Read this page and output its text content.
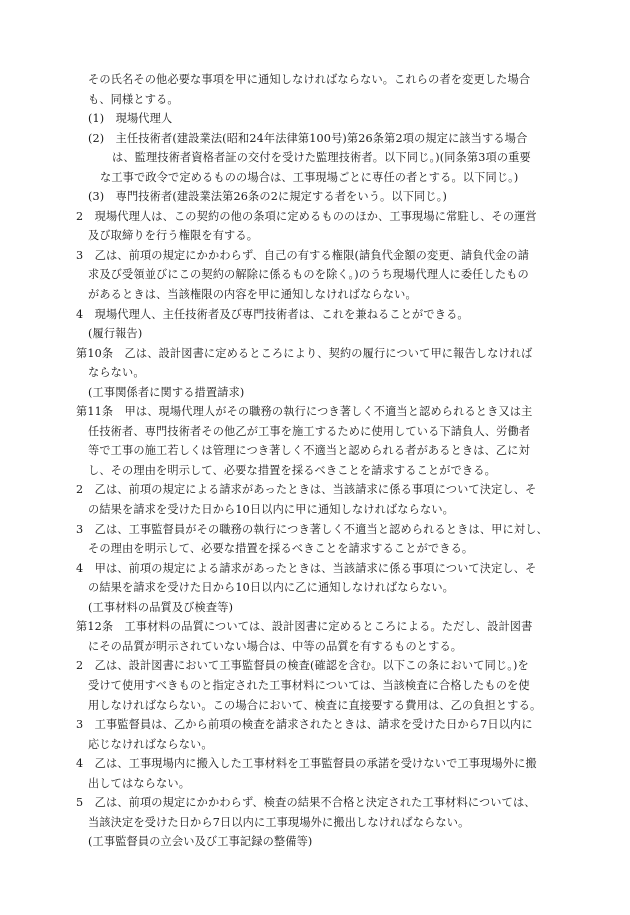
その氏名その他必要な事項を甲に通知しなければならない。これらの者を変更した場合
も、同様とする。
(1)　現場代理人
(2)　主任技術者(建設業法(昭和24年法律第100号)第26条第2項の規定に該当する場合
は、監理技術者資格者証の交付を受けた監理技術者。以下同じ。)(同条第3項の重要
な工事で政令で定めるものの場合は、工事現場ごとに専任の者とする。以下同じ。)
(3)　専門技術者(建設業法第26条の2に規定する者をいう。以下同じ。)
2　現場代理人は、この契約の他の条項に定めるもののほか、工事現場に常駐し、その運営
及び取締りを行う権限を有する。
3　乙は、前項の規定にかかわらず、自己の有する権限(請負代金額の変更、請負代金の請
求及び受領並びにこの契約の解除に係るものを除く。)のうち現場代理人に委任したもの
があるときは、当該権限の内容を甲に通知しなければならない。
4　現場代理人、主任技術者及び専門技術者は、これを兼ねることができる。
(履行報告)
第10条　乙は、設計図書に定めるところにより、契約の履行について甲に報告しなければ
ならない。
(工事関係者に関する措置請求)
第11条　甲は、現場代理人がその職務の執行につき著しく不適当と認められるとき又は主
任技術者、専門技術者その他乙が工事を施工するために使用している下請負人、労働者
等で工事の施工若しくは管理につき著しく不適当と認められる者があるときは、乙に対
し、その理由を明示して、必要な措置を採るべきことを請求することができる。
2　乙は、前項の規定による請求があったときは、当該請求に係る事項について決定し、そ
の結果を請求を受けた日から10日以内に甲に通知しなければならない。
3　乙は、工事監督員がその職務の執行につき著しく不適当と認められるときは、甲に対し、
その理由を明示して、必要な措置を採るべきことを請求することができる。
4　甲は、前項の規定による請求があったときは、当該請求に係る事項について決定し、そ
の結果を請求を受けた日から10日以内に乙に通知しなければならない。
(工事材料の品質及び検査等)
第12条　工事材料の品質については、設計図書に定めるところによる。ただし、設計図書
にその品質が明示されていない場合は、中等の品質を有するものとする。
2　乙は、設計図書において工事監督員の検査(確認を含む。以下この条において同じ。)を
受けて使用すべきものと指定された工事材料については、当該検査に合格したものを使
用しなければならない。この場合において、検査に直接要する費用は、乙の負担とする。
3　工事監督員は、乙から前項の検査を請求されたときは、請求を受けた日から7日以内に
応じなければならない。
4　乙は、工事現場内に搬入した工事材料を工事監督員の承諾を受けないで工事現場外に搬
出してはならない。
5　乙は、前項の規定にかかわらず、検査の結果不合格と決定された工事材料については、
当該決定を受けた日から7日以内に工事現場外に搬出しなければならない。
(工事監督員の立会い及び工事記録の整備等)
